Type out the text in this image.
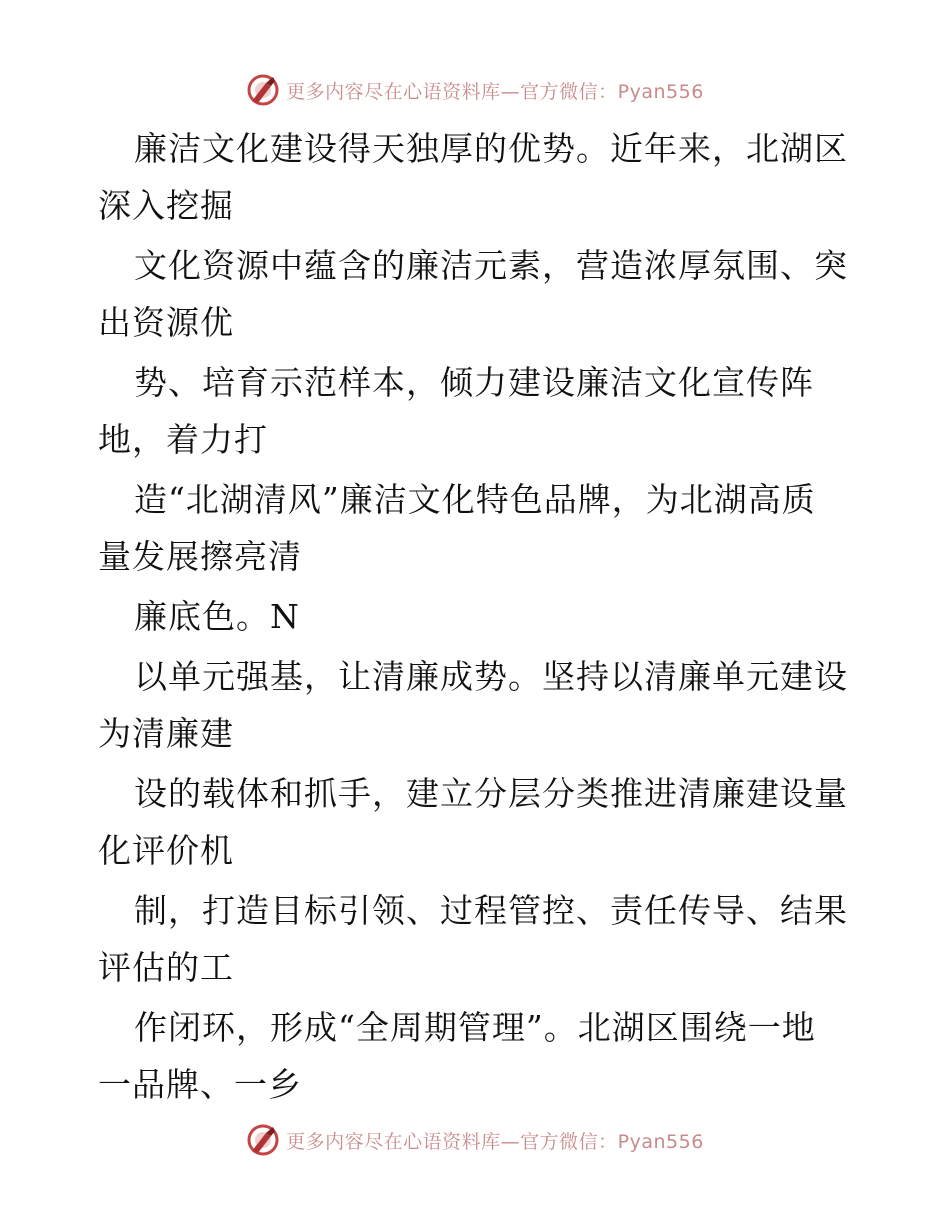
更多内容尽在心语资料库—官方微信：Pyan556

廉洁文化建设得天独厚的优势。近年来，北湖区
深入挖掘

文化资源中蕴含的廉洁元素，营造浓厚氛围、突
出资源优

势、培育示范样本，倾力建设廉洁文化宣传阵
地，着力打

造“北湖清风”廉洁文化特色品牌，为北湖高质
量发展擦亮清

廉底色。N

以单元强基，让清廉成势。坚持以清廉单元建设
为清廉建

设的载体和抓手，建立分层分类推进清廉建设量
化评价机

制，打造目标引领、过程管控、责任传导、结果
评估的工

作闭环，形成“全周期管理”。北湖区围绕一地
一品牌、一乡

更多内容尽在心语资料库—官方微信：Pyan556
